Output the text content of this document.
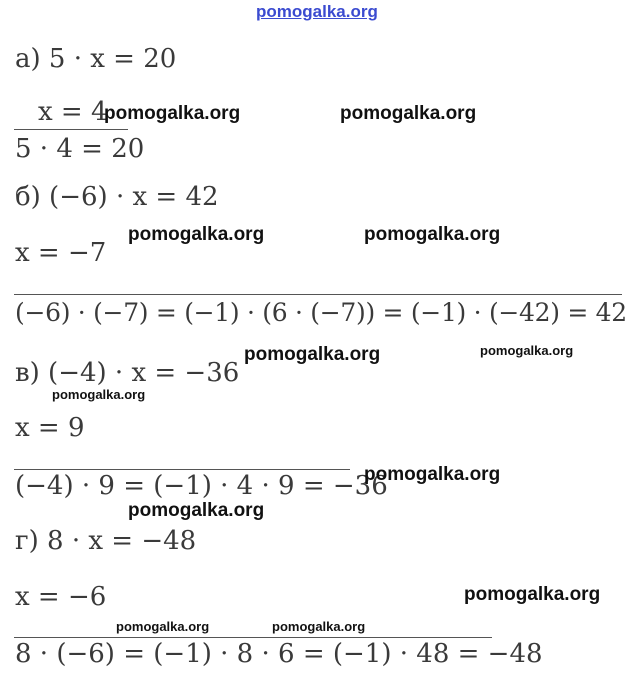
pomogalka.org
а) 5 · x = 20
x = 4
5 · 4 = 20
б) (−6) · x = 42
x = −7
(−6) · (−7) = (−1) · (6 · (−7)) = (−1) · (−42) = 42
в) (−4) · x = −36
x = 9
(−4) · 9 = (−1) · 4 · 9 = −36
г) 8 · x = −48
x = −6
8 · (−6) = (−1) · 8 · 6 = (−1) · 48 = −48
pomogalka.org	pomogalka.org
pomogalka.org	pomogalka.org
pomogalka.org	pomogalka.org
pomogalka.org
pomogalka.org
pomogalka.org
pomogalka.org
pomogalka.org	pomogalka.org
